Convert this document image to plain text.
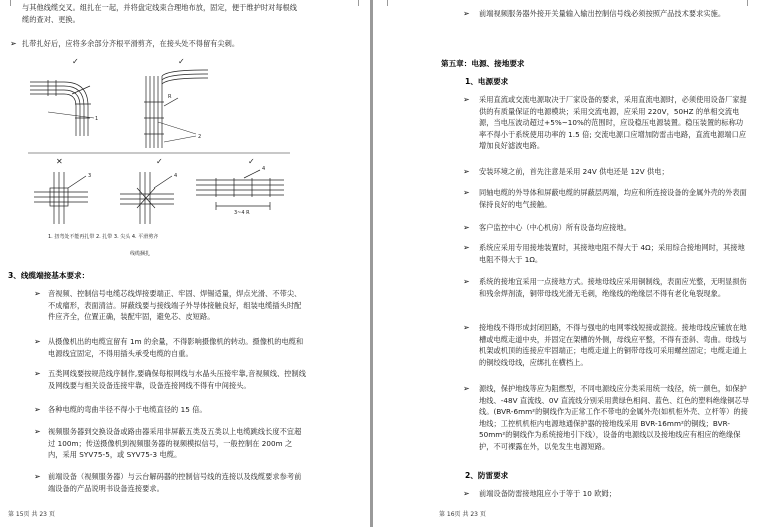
与其他线缆交叉。组扎在一起，并将盘定线束合理地布放，固定，便于维护时对每根线缆的查对、更换。
➢ 扎带扎好后，应将多余部分齐根平滑剪齐，在接头处不得留有尖刺。
✓	✓
R
1
2
✕	✓	✓
3	4
4
3~4 R
1. 扭弯处不能再扎带 2. 扎带 3. 尖头 4. 平滑剪齐
线缆捆扎
3、线缆端接基本要求：
➢ 音视频、控制信号电缆芯线焊接要端正、牢固、焊锡适量，焊点光滑、不带尖、不成瘤形，表面清洁。屏蔽线要与接线端子外导体接触良好，组装电缆插头时配件应齐全，位置正确，装配牢固，避免芯、皮短路。
➢ 从摄像机出的电缆宜留有 1m 的余量，不得影响摄像机的转动。摄像机的电缆和电源线宜固定，不得用插头承受电缆的自重。
➢ 五类网线要按规范线序制作,要确保每根网线与水晶头压接牢靠,音视频线、控制线及网线要与相关设备连接牢靠，设备连接网线不得有中间接头。
➢ 各种电缆的弯曲半径不得小于电缆直径的 15 倍。
➢ 视频服务器到交换设备或路由器采用非屏蔽五类及五类以上电缆跳线长度不宜超过 100m；传送摄像机到视频服务器的视频模拟信号，一般控制在 200m 之内，采用 SYV75-5，或 SYV75-3 电缆。
➢ 前端设备（视频服务器）与云台解码器的控制信号线的连接以及线缆要求参考前端设备的产品说明书设备连接要求。
第 15页 共 23 页
➢ 前端视频服务器外接开关量输入输出控制信号线必须按照产品技术要求实施。
第五章：电源、接地要求
1、电源要求
➢ 采用直流或交流电源取决于厂家设备的要求，采用直流电源时，必须使用设备厂家提供的有质量保证的电源模块；采用交流电源，应采用 220V，50HZ 的单相交流电源，当电压波动超过+5%~10%的范围时，应设稳压电源装置。稳压装置的标称功率不得小于系统使用功率的 1.5 倍; 交流电源口应增加防雷击电路，直流电源端口应增加良好滤波电路。
➢ 安装环境之前，首先注意是采用 24V 供电还是 12V 供电；
➢ 同轴电缆的外导体和屏蔽电缆的屏蔽层两端，均应和所连接设备的金属外壳的外表面保持良好的电气接触。
➢ 客户监控中心（中心机房）所有设备均应接地。
➢ 系统应采用专用接地装置时，其接地电阻不得大于 4Ω；采用综合接地网时，其接地电阻不得大于 1Ω。
➢ 系统的接地宜采用一点接地方式。接地母线应采用铜制线，表面应光整，无明显损伤和残余焊剂渣，铜带母线光滑无毛刺，绝缘线的绝缘层不得有老化龟裂现象。
➢ 接地线不得形成封闭回路，不得与强电的电网零线短接或混接。接地母线应铺放在地槽或电缆走道中央，并固定在架槽的外侧，母线应平整，不得有歪斜、弯曲。母线与机架或机顶的连接应牢固端正；电缆走道上的铜带母线可采用螺丝固定；电缆走道上的铜绞线母线，应绑扎在横档上。
➢ 源线，保护地线等应为阻燃型，不同电源线应分类采用统一线径，统一颜色，如保护地线、-48V 直流线、0V 直流线分别采用黄绿色相间、蓝色、红色的塑料绝缘铜芯导线。(BVR-6mm²的铜线作为正常工作不带电的金属外壳(如机柜外壳、立杆等）的接地线；工控机机柜内电源地通保护器的接地线采用 BVR-16mm²的铜线；BVR-50mm²的铜线作为系统接地引下线），设备的电源线以及接地线应有相应的绝缘保护，不可裸露在外，以免发生电源短路。
2、防雷要求
➢ 前端设备防雷接地阻应小于等于 10 欧姆；
第 16页 共 23 页
